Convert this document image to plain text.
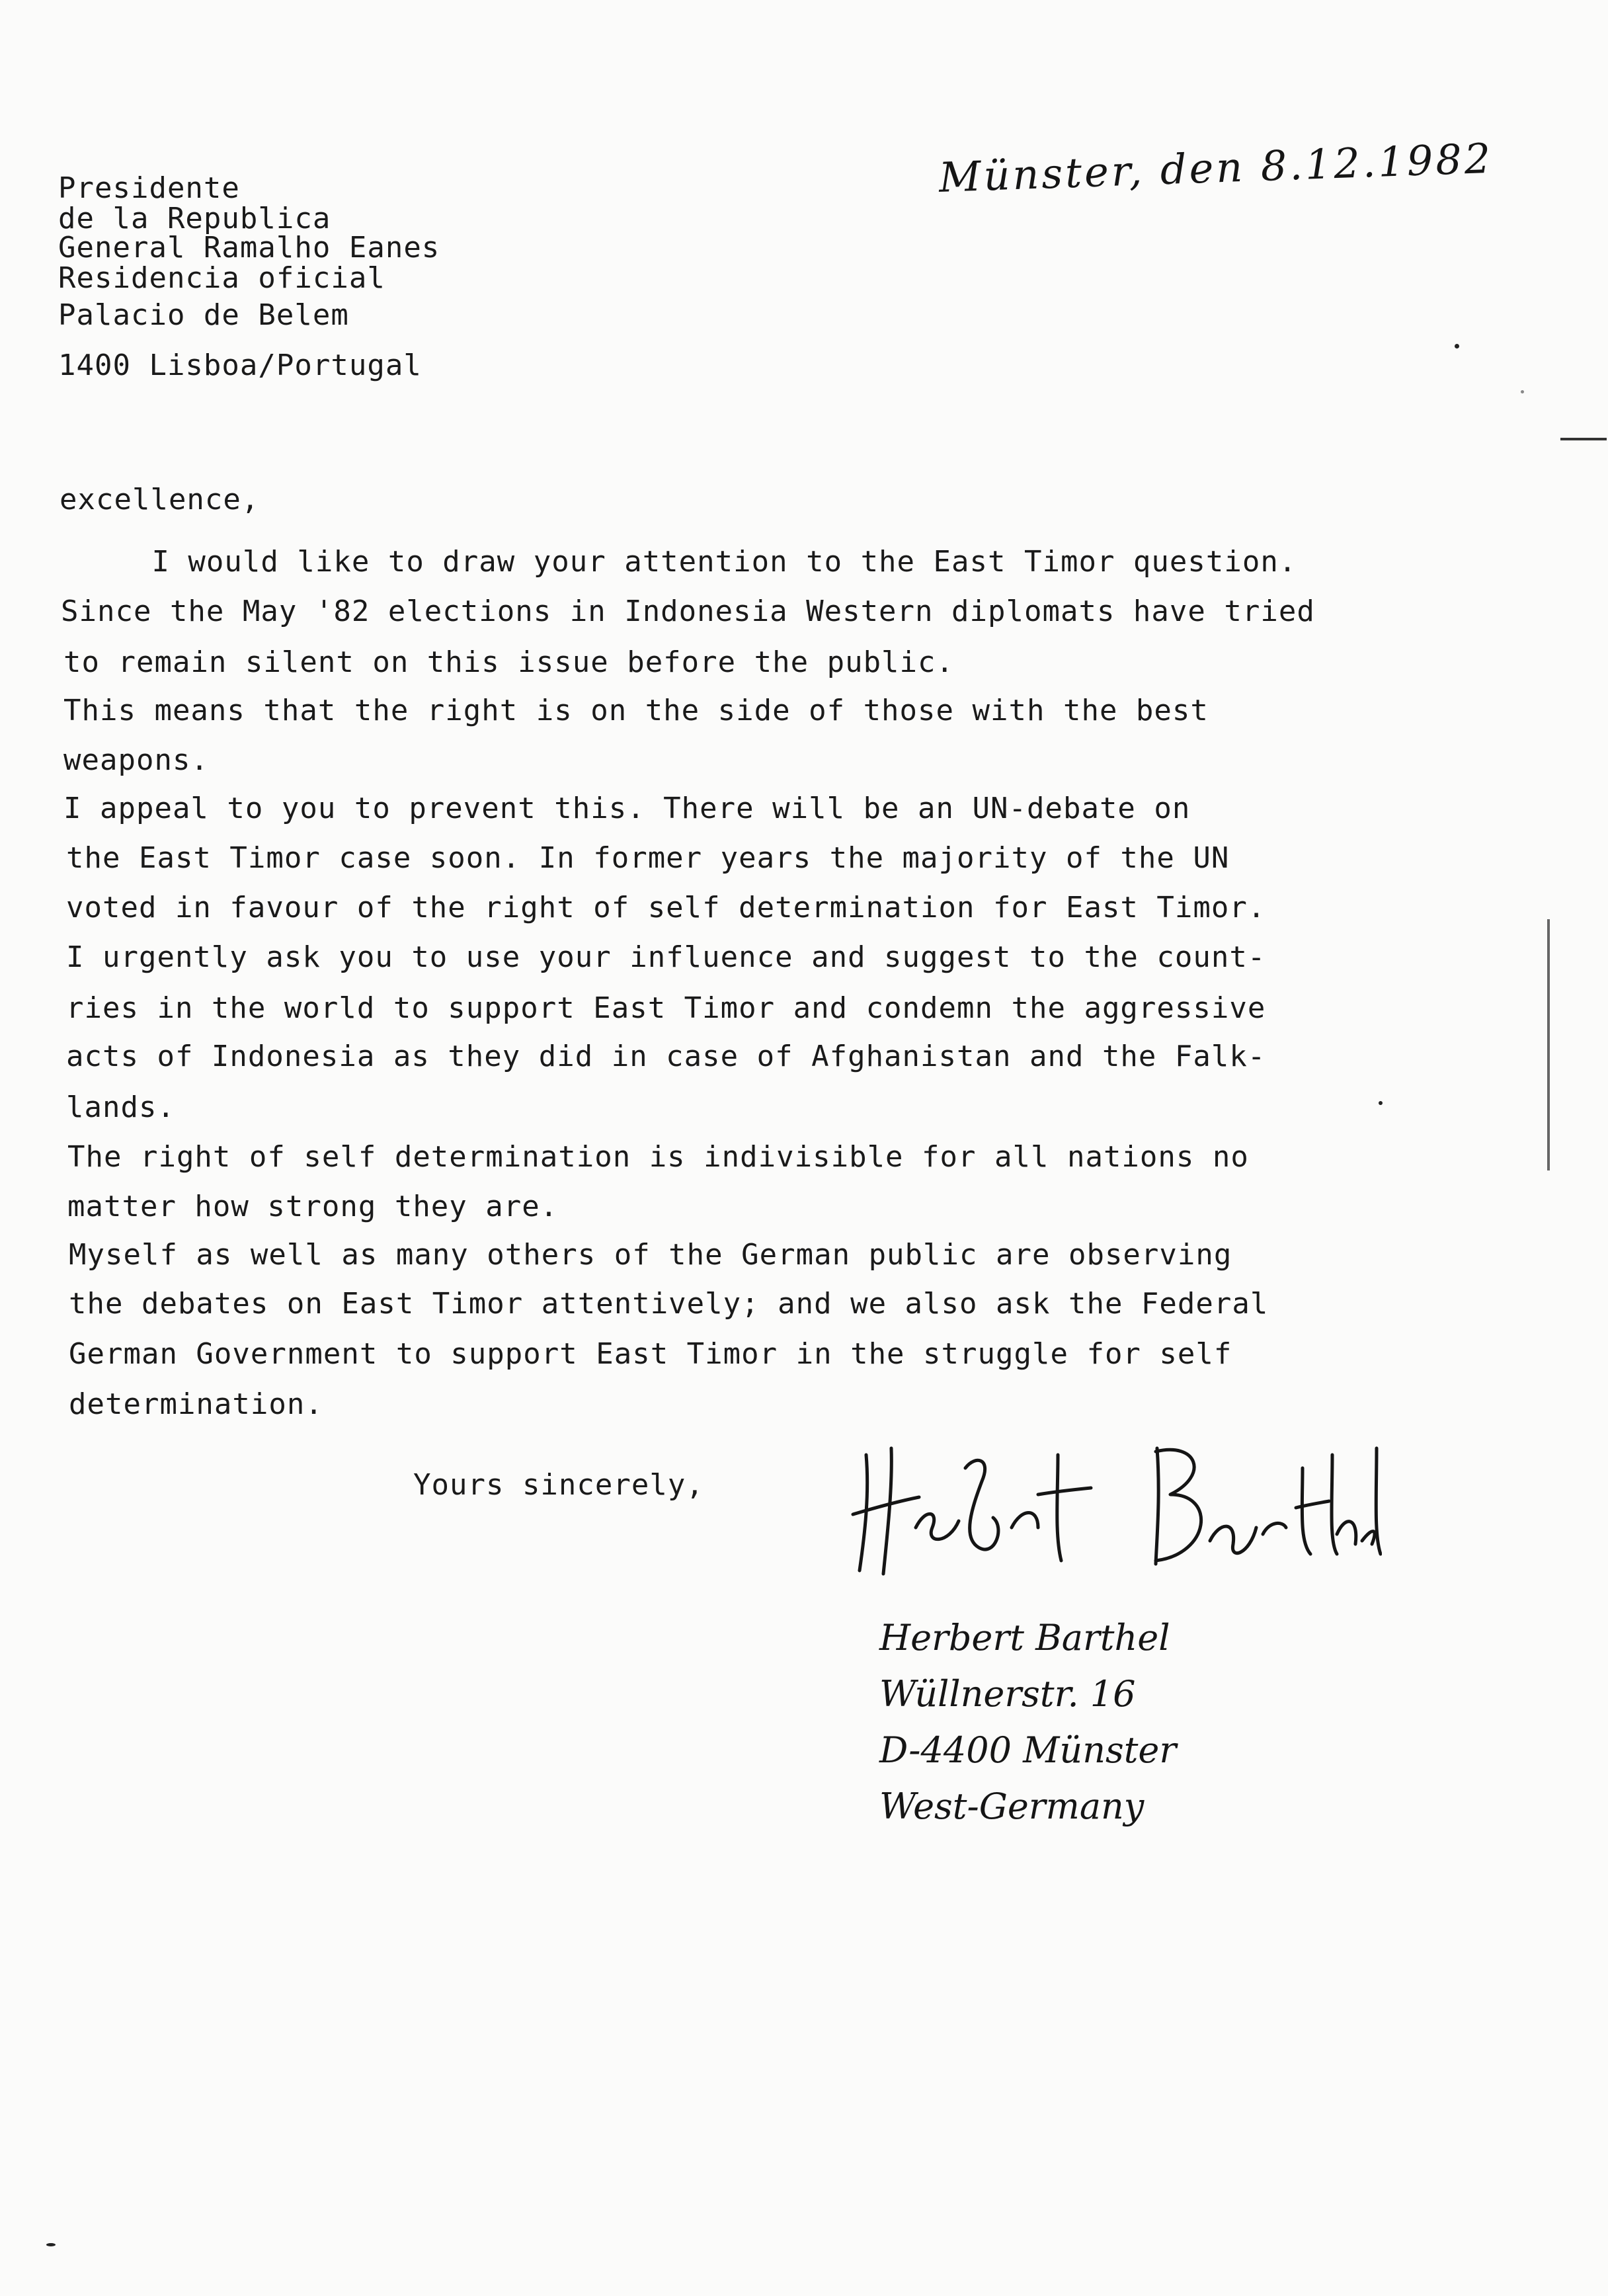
Presidente
de la Republica
General Ramalho Eanes
Residencia oficial
Palacio de Belem
1400 Lisboa/Portugal
Münster, den 8.12.1982
excellence,
I would like to draw your attention to the East Timor question.
Since the May '82 elections in Indonesia Western diplomats have tried
to remain silent on this issue before the public.
This means that the right is on the side of those with the best
weapons.
I appeal to you to prevent this. There will be an UN-debate on
the East Timor case soon. In former years the majority of the UN
voted in favour of the right of self determination for East Timor.
I urgently ask you to use your influence and suggest to the count-
ries in the world to support East Timor and condemn the aggressive
acts of Indonesia as they did in case of Afghanistan and the Falk-
lands.
The right of self determination is indivisible for all nations no
matter how strong they are.
Myself as well as many others of the German public are observing
the debates on East Timor attentively; and we also ask the Federal
German Government to support East Timor in the struggle for self
determination.
Yours sincerely,
Herbert Barthel
Wüllnerstr. 16
D-4400 Münster
West-Germany
